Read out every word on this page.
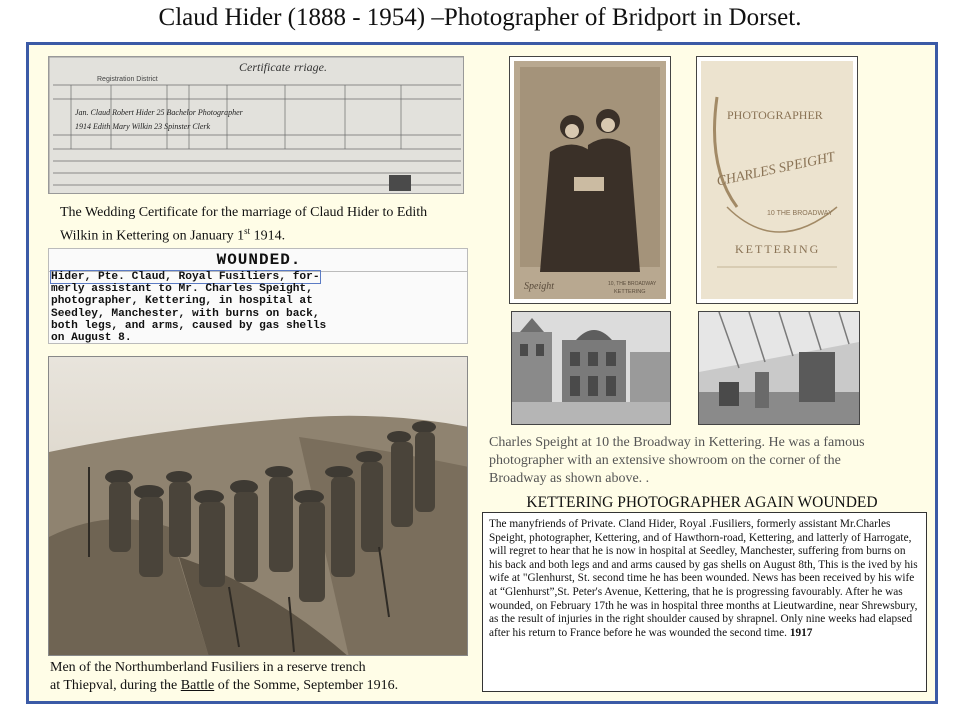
Claud Hider (1888 - 1954) –Photographer of Bridport in Dorset.
Certificate rriage.
Registration District
Jan. Claud Robert Hider 25 Bachelor Photographer
1914 Edith Mary Wilkin 23 Spinster Clerk
The Wedding Certificate for the marriage of Claud Hider to Edith Wilkin in Kettering on January 1st 1914.
WOUNDED.
Hider, Pte. Claud, Royal Fusiliers, for-
merly assistant to Mr. Charles Speight,
photographer, Kettering, in hospital at
Seedley, Manchester, with burns on back,
both legs, and arms, caused by gas shells
on August 8.
Men of the Northumberland Fusiliers in a reserve trench
at Thiepval, during the Battle of the Somme, September 1916.
Speight	10, THE BROADWAY
KETTERING
PHOTOGRAPHER
CHARLES SPEIGHT
10 THE BROADWAY
KETTERING
Charles Speight at 10 the Broadway in Kettering. He was a famous photographer with an extensive showroom on the corner of the Broadway as shown above. .
KETTERING PHOTOGRAPHER AGAIN WOUNDED
The manyfriends of Private. Cland Hider, Royal .Fusiliers, formerly assistant Mr.Charles Speight, photographer, Kettering, and of Hawthorn-road, Kettering, and latterly of Harrogate, will regret to hear that he is now in hospital at Seedley, Manchester, suffering from burns on his back and both legs and and arms caused by gas shells on August 8th, This is the ived by his wife at "Glenhurst, St. second time he has been wounded. News has been received by his wife at “Glenhurst”,St. Peter's Avenue, Kettering, that he is progressing favourably. After he was wounded, on February 17th he was in hospital three months at Lieutwardine, near Shrewsbury, as the result of injuries in the right shoulder caused by shrapnel. Only nine weeks had elapsed after his return to France before he was wounded the second time. 1917
